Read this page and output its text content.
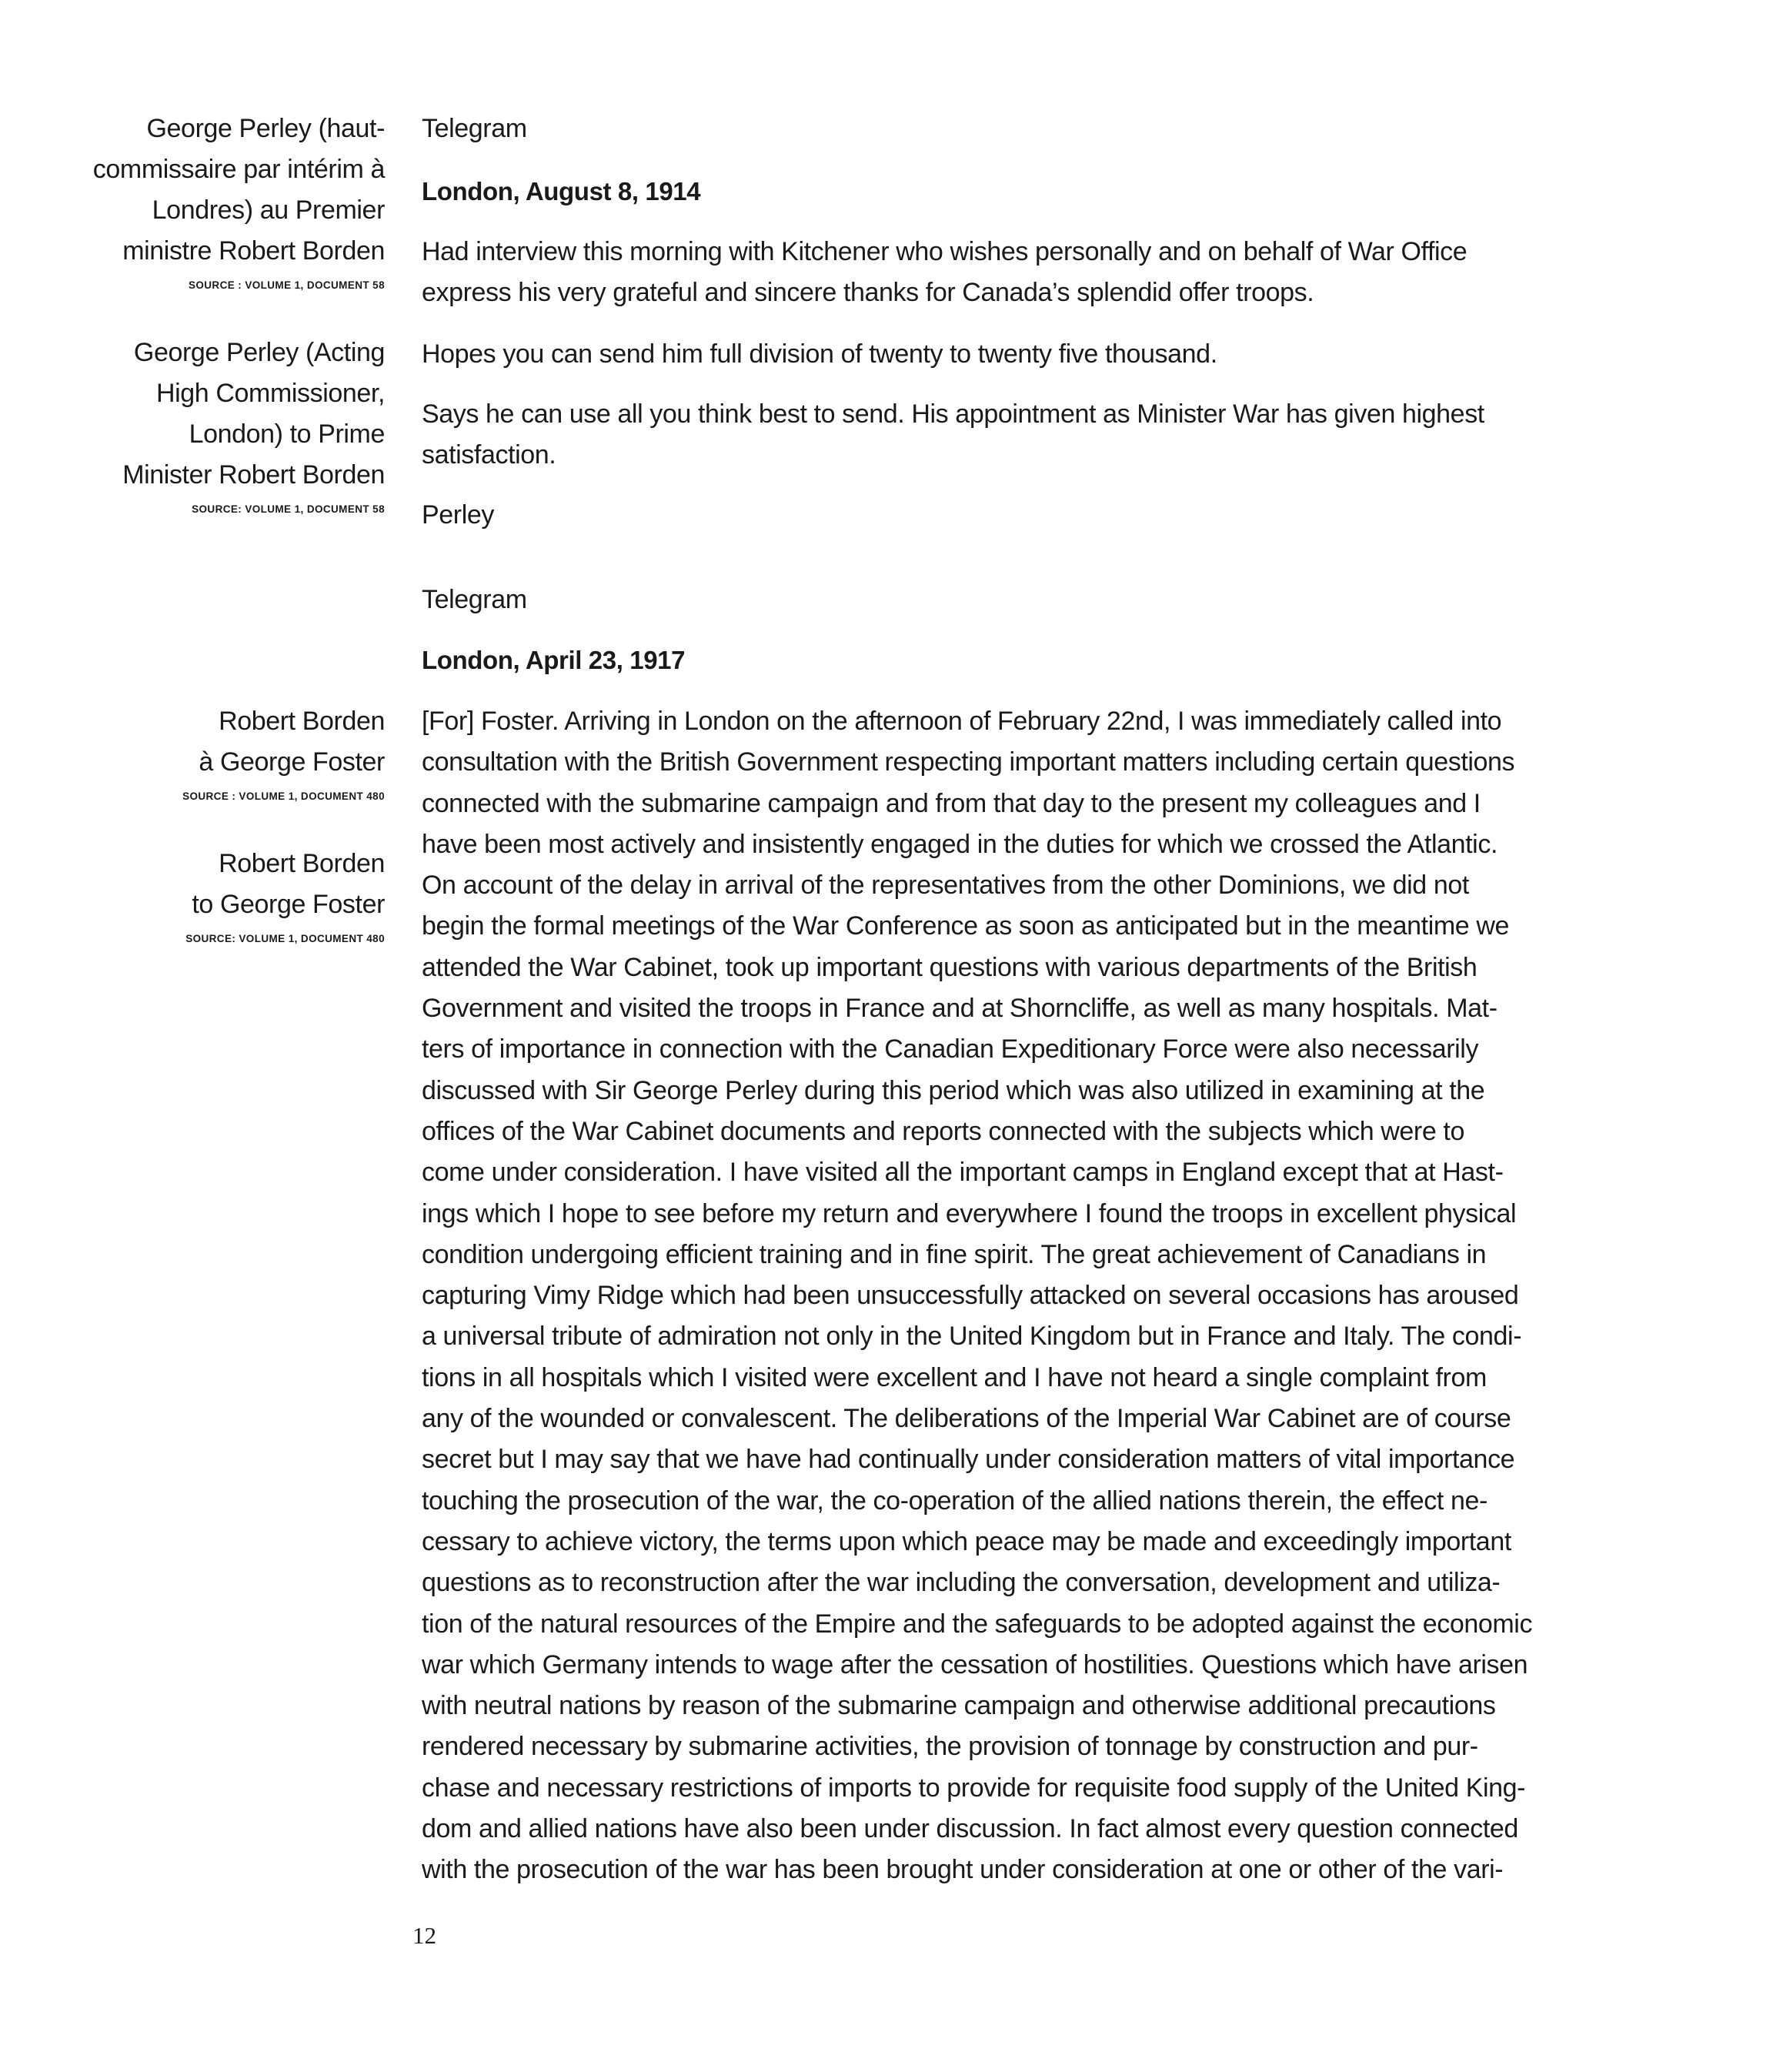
George Perley (haut-
commissaire par intérim à
Londres) au Premier
ministre Robert Borden
SOURCE : VOLUME 1, DOCUMENT 58
George Perley (Acting
High Commissioner,
London) to Prime
Minister Robert Borden
SOURCE: VOLUME 1, DOCUMENT 58
Robert Borden
à George Foster
SOURCE : VOLUME 1, DOCUMENT 480
Robert Borden
to George Foster
SOURCE: VOLUME 1, DOCUMENT 480

Telegram

London, August 8, 1914

Had interview this morning with Kitchener who wishes personally and on behalf of War Office

express his very grateful and sincere thanks for Canada’s splendid offer troops.

Hopes you can send him full division of twenty to twenty five thousand.

Says he can use all you think best to send. His appointment as Minister War has given highest

satisfaction.

Perley

Telegram

London, April 23, 1917

[For] Foster. Arriving in London on the afternoon of February 22nd, I was immediately called into

consultation with the British Government respecting important matters including certain questions

connected with the submarine campaign and from that day to the present my colleagues and I

have been most actively and insistently engaged in the duties for which we crossed the Atlantic.

On account of the delay in arrival of the representatives from the other Dominions, we did not

begin the formal meetings of the War Conference as soon as anticipated but in the meantime we

attended the War Cabinet, took up important questions with various departments of the British

Government and visited the troops in France and at Shorncliffe, as well as many hospitals. Mat-

ters of importance in connection with the Canadian Expeditionary Force were also necessarily

discussed with Sir George Perley during this period which was also utilized in examining at the

offices of the War Cabinet documents and reports connected with the subjects which were to

come under consideration. I have visited all the important camps in England except that at Hast-

ings which I hope to see before my return and everywhere I found the troops in excellent physical

condition undergoing efficient training and in fine spirit. The great achievement of Canadians in

capturing Vimy Ridge which had been unsuccessfully attacked on several occasions has aroused

a universal tribute of admiration not only in the United Kingdom but in France and Italy. The condi-

tions in all hospitals which I visited were excellent and I have not heard a single complaint from

any of the wounded or convalescent. The deliberations of the Imperial War Cabinet are of course

secret but I may say that we have had continually under consideration matters of vital importance

touching the prosecution of the war, the co-operation of the allied nations therein, the effect ne-

cessary to achieve victory, the terms upon which peace may be made and exceedingly important

questions as to reconstruction after the war including the conversation, development and utiliza-

tion of the natural resources of the Empire and the safeguards to be adopted against the economic

war which Germany intends to wage after the cessation of hostilities. Questions which have arisen

with neutral nations by reason of the submarine campaign and otherwise additional precautions

rendered necessary by submarine activities, the provision of tonnage by construction and pur-

chase and necessary restrictions of imports to provide for requisite food supply of the United King-

dom and allied nations have also been under discussion. In fact almost every question connected

with the prosecution of the war has been brought under consideration at one or other of the vari-

12
